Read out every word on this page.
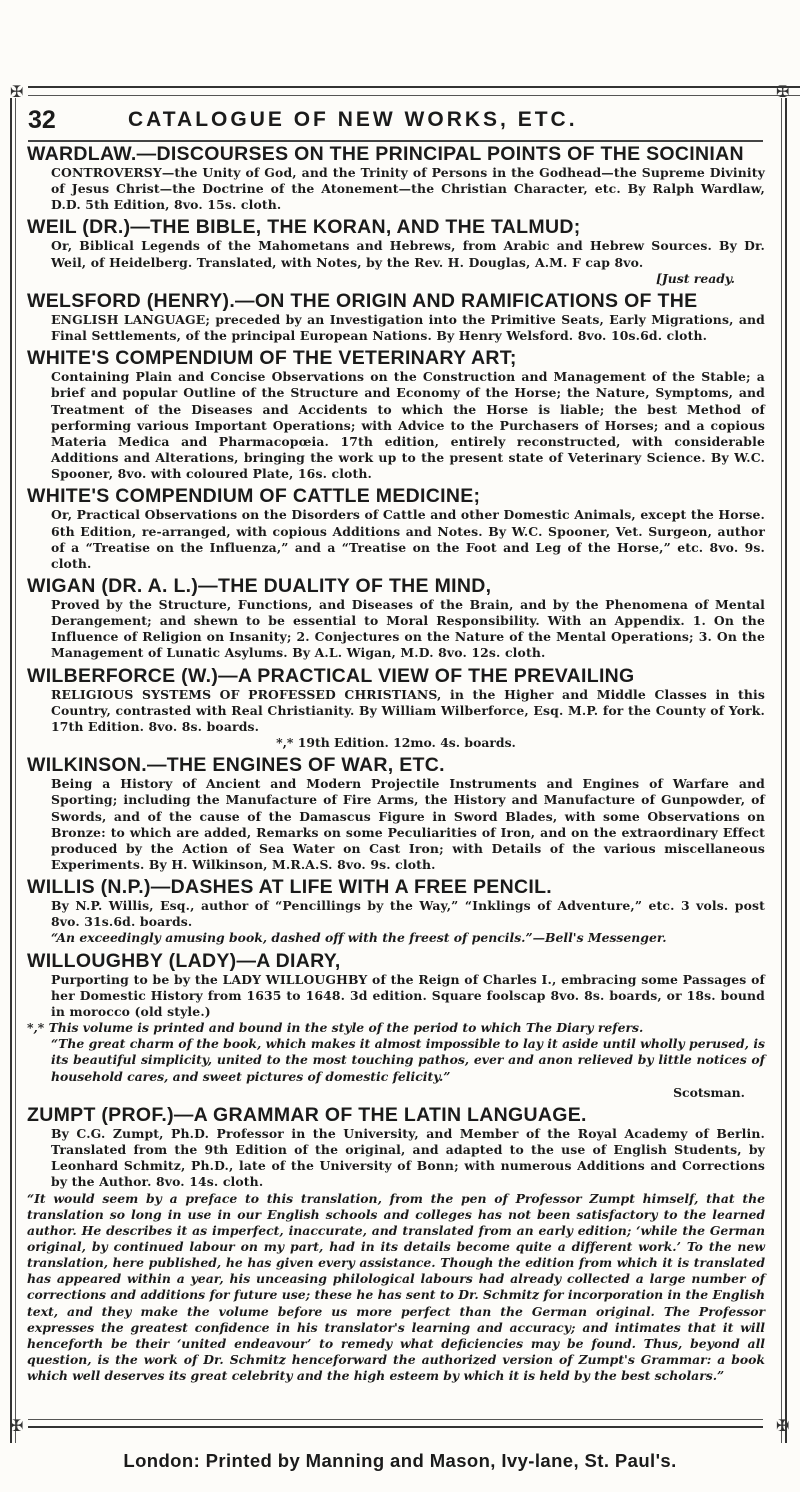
✠	✠
✠	✠
32	CATALOGUE OF NEW WORKS, ETC.

WARDLAW.—DISCOURSES ON THE PRINCIPAL POINTS OF THE SOCINIAN

CONTROVERSY—the Unity of God, and the Trinity of Persons in the Godhead—the Supreme Divinity of Jesus Christ—the Doctrine of the Atonement—the Christian Character, etc. By Ralph Wardlaw, D.D. 5th Edition, 8vo. 15s. cloth.

WEIL (DR.)—THE BIBLE, THE KORAN, AND THE TALMUD;

Or, Biblical Legends of the Mahometans and Hebrews, from Arabic and Hebrew Sources. By Dr. Weil, of Heidelberg. Translated, with Notes, by the Rev. H. Douglas, A.M. F cap 8vo.

[Just ready.

WELSFORD (HENRY).—ON THE ORIGIN AND RAMIFICATIONS OF THE

ENGLISH LANGUAGE; preceded by an Investigation into the Primitive Seats, Early Migrations, and Final Settlements, of the principal European Nations. By Henry Welsford. 8vo. 10s.6d. cloth.

WHITE'S COMPENDIUM OF THE VETERINARY ART;

Containing Plain and Concise Observations on the Construction and Management of the Stable; a brief and popular Outline of the Structure and Economy of the Horse; the Nature, Symptoms, and Treatment of the Diseases and Accidents to which the Horse is liable; the best Method of performing various Important Operations; with Advice to the Purchasers of Horses; and a copious Materia Medica and Pharmacopœia. 17th edition, entirely reconstructed, with considerable Additions and Alterations, bringing the work up to the present state of Veterinary Science. By W.C. Spooner, 8vo. with coloured Plate, 16s. cloth.

WHITE'S COMPENDIUM OF CATTLE MEDICINE;

Or, Practical Observations on the Disorders of Cattle and other Domestic Animals, except the Horse. 6th Edition, re-arranged, with copious Additions and Notes. By W.C. Spooner, Vet. Surgeon, author of a “Treatise on the Influenza,” and a “Treatise on the Foot and Leg of the Horse,” etc. 8vo. 9s. cloth.

WIGAN (DR. A. L.)—THE DUALITY OF THE MIND,

Proved by the Structure, Functions, and Diseases of the Brain, and by the Phenomena of Mental Derangement; and shewn to be essential to Moral Responsibility. With an Appendix. 1. On the Influence of Religion on Insanity; 2. Conjectures on the Nature of the Mental Operations; 3. On the Management of Lunatic Asylums. By A.L. Wigan, M.D. 8vo. 12s. cloth.

WILBERFORCE (W.)—A PRACTICAL VIEW OF THE PREVAILING

RELIGIOUS SYSTEMS OF PROFESSED CHRISTIANS, in the Higher and Middle Classes in this Country, contrasted with Real Christianity. By William Wilberforce, Esq. M.P. for the County of York. 17th Edition. 8vo. 8s. boards.

*,* 19th Edition. 12mo. 4s. boards.

WILKINSON.—THE ENGINES OF WAR, ETC.

Being a History of Ancient and Modern Projectile Instruments and Engines of Warfare and Sporting; including the Manufacture of Fire Arms, the History and Manufacture of Gunpowder, of Swords, and of the cause of the Damascus Figure in Sword Blades, with some Observations on Bronze: to which are added, Remarks on some Peculiarities of Iron, and on the extraordinary Effect produced by the Action of Sea Water on Cast Iron; with Details of the various miscellaneous Experiments. By H. Wilkinson, M.R.A.S. 8vo. 9s. cloth.

WILLIS (N.P.)—DASHES AT LIFE WITH A FREE PENCIL.

By N.P. Willis, Esq., author of “Pencillings by the Way,” “Inklings of Adventure,” etc. 3 vols. post 8vo. 31s.6d. boards.

“An exceedingly amusing book, dashed off with the freest of pencils.”—Bell's Messenger.

WILLOUGHBY (LADY)—A DIARY,

Purporting to be by the LADY WILLOUGHBY of the Reign of Charles I., embracing some Passages of her Domestic History from 1635 to 1648. 3d edition. Square foolscap 8vo. 8s. boards, or 18s. bound in morocco (old style.)

*,* This volume is printed and bound in the style of the period to which The Diary refers.

“The great charm of the book, which makes it almost impossible to lay it aside until wholly perused, is its beautiful simplicity, united to the most touching pathos, ever and anon relieved by little notices of household cares, and sweet pictures of domestic felicity.”

Scotsman.

ZUMPT (PROF.)—A GRAMMAR OF THE LATIN LANGUAGE.

By C.G. Zumpt, Ph.D. Professor in the University, and Member of the Royal Academy of Berlin. Translated from the 9th Edition of the original, and adapted to the use of English Students, by Leonhard Schmitz, Ph.D., late of the University of Bonn; with numerous Additions and Corrections by the Author. 8vo. 14s. cloth.

“It would seem by a preface to this translation, from the pen of Professor Zumpt himself, that the translation so long in use in our English schools and colleges has not been satisfactory to the learned author. He describes it as imperfect, inaccurate, and translated from an early edition; ‘while the German original, by continued labour on my part, had in its details become quite a different work.’ To the new translation, here published, he has given every assistance. Though the edition from which it is translated has appeared within a year, his unceasing philological labours had already collected a large number of corrections and additions for future use; these he has sent to Dr. Schmitz for incorporation in the English text, and they make the volume before us more perfect than the German original. The Professor expresses the greatest confidence in his translator's learning and accuracy; and intimates that it will henceforth be their ‘united endeavour’ to remedy what deficiencies may be found. Thus, beyond all question, is the work of Dr. Schmitz henceforward the authorized version of Zumpt's Grammar: a book which well deserves its great celebrity and the high esteem by which it is held by the best scholars.”

London: Printed by Manning and Mason, Ivy-lane, St. Paul's.
